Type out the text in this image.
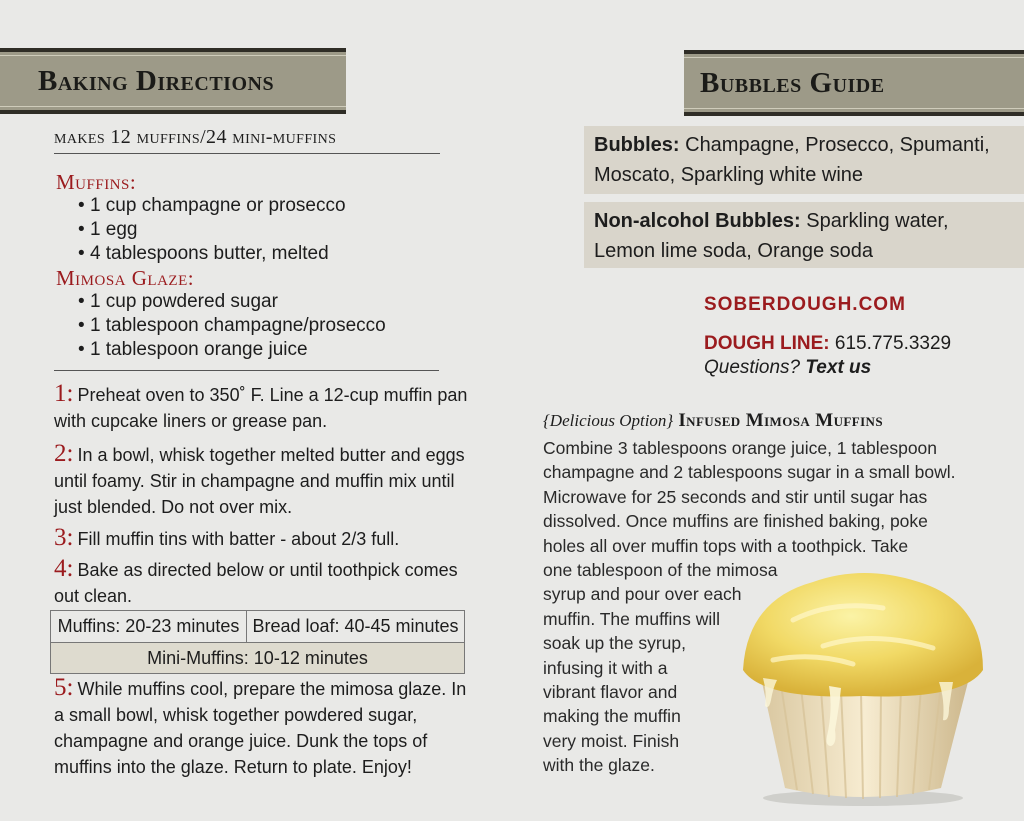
Baking Directions
makes 12 muffins/24 mini-muffins
Muffins:
• 1 cup champagne or prosecco
• 1 egg
• 4 tablespoons butter, melted
Mimosa Glaze:
• 1 cup powdered sugar
• 1 tablespoon champagne/prosecco
• 1 tablespoon orange juice
1: Preheat oven to 350˚ F. Line a 12-cup muffin pan with cupcake liners or grease pan.
2: In a bowl, whisk together melted butter and eggs until foamy. Stir in champagne and muffin mix until just blended. Do not over mix.
3: Fill muffin tins with batter - about 2/3 full.
4: Bake as directed below or until toothpick comes out clean.
Muffins: 20-23 minutes Bread loaf: 40-45 minutes
Mini-Muffins: 10-12 minutes
5: While muffins cool, prepare the mimosa glaze. In a small bowl, whisk together powdered sugar, champagne and orange juice. Dunk the tops of muffins into the glaze. Return to plate. Enjoy!
Bubbles Guide
Bubbles: Champagne, Prosecco, Spumanti, Moscato, Sparkling white wine
Non-alcohol Bubbles: Sparkling water, Lemon lime soda, Orange soda
SOBERDOUGH.COM
DOUGH LINE: 615.775.3329
Questions? Text us
{Delicious Option} Infused Mimosa Muffins
Combine 3 tablespoons orange juice, 1 tablespoon
champagne and 2 tablespoons sugar in a small bowl.
Microwave for 25 seconds and stir until sugar has
dissolved. Once muffins are finished baking, poke
holes all over muffin tops with a toothpick. Take
one tablespoon of the mimosa
syrup and pour over each
muffin. The muffins will
soak up the syrup,
infusing it with a
vibrant flavor and
making the muffin
very moist. Finish
with the glaze.
